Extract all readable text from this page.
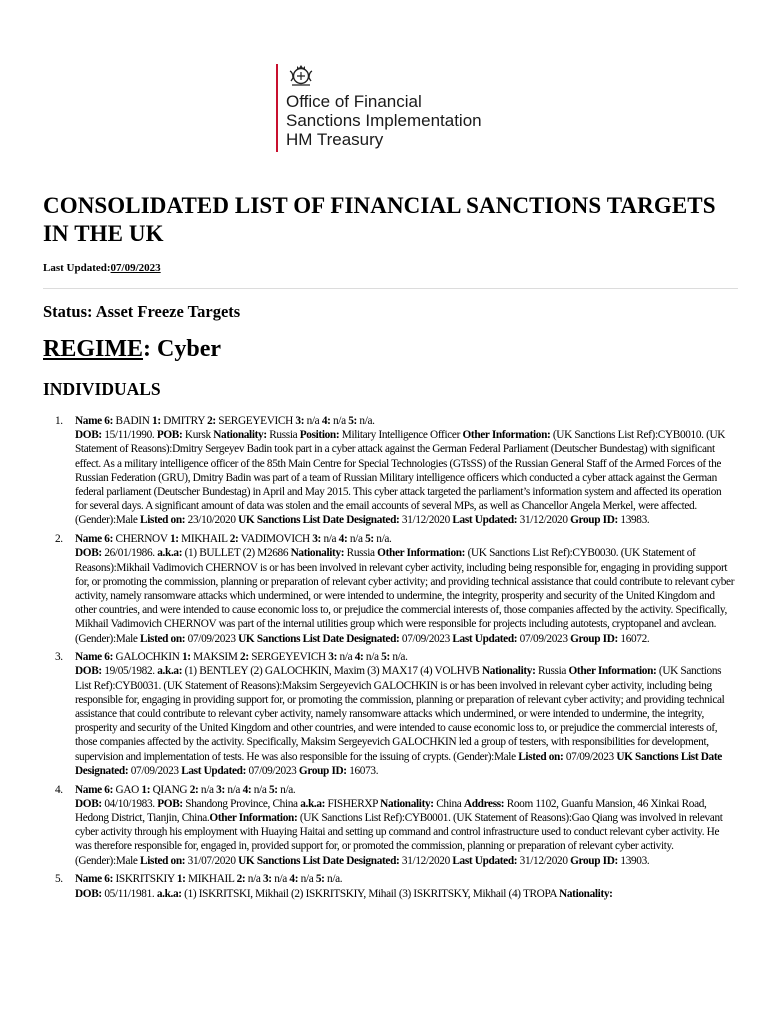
Office of Financial
Sanctions Implementation
HM Treasury
CONSOLIDATED LIST OF FINANCIAL SANCTIONS TARGETS IN THE UK
Last Updated:07/09/2023
Status: Asset Freeze Targets
REGIME: Cyber
INDIVIDUALS
1. Name 6: BADIN 1: DMITRY 2: SERGEYEVICH 3: n/a 4: n/a 5: n/a.
DOB: 15/11/1990. POB: Kursk Nationality: Russia Position: Military Intelligence Officer Other Information: (UK Sanctions List Ref):CYB0010. (UK Statement of Reasons):Dmitry Sergeyev Badin took part in a cyber attack against the German Federal Parliament (Deutscher Bundestag) with significant effect. As a military intelligence officer of the 85th Main Centre for Special Technologies (GTsSS) of the Russian General Staff of the Armed Forces of the Russian Federation (GRU), Dmitry Badin was part of a team of Russian Military intelligence officers which conducted a cyber attack against the German federal parliament (Deutscher Bundestag) in April and May 2015. This cyber attack targeted the parliament’s information system and affected its operation for several days. A significant amount of data was stolen and the email accounts of several MPs, as well as Chancellor Angela Merkel, were affected. (Gender):Male Listed on: 23/10/2020 UK Sanctions List Date Designated: 31/12/2020 Last Updated: 31/12/2020 Group ID: 13983.
2. Name 6: CHERNOV 1: MIKHAIL 2: VADIMOVICH 3: n/a 4: n/a 5: n/a.
DOB: 26/01/1986. a.k.a: (1) BULLET (2) M2686 Nationality: Russia Other Information: (UK Sanctions List Ref):CYB0030. (UK Statement of Reasons):Mikhail Vadimovich CHERNOV is or has been involved in relevant cyber activity, including being responsible for, engaging in providing support for, or promoting the commission, planning or preparation of relevant cyber activity; and providing technical assistance that could contribute to relevant cyber activity, namely ransomware attacks which undermined, or were intended to undermine, the integrity, prosperity and security of the United Kingdom and other countries, and were intended to cause economic loss to, or prejudice the commercial interests of, those companies affected by the activity. Specifically, Mikhail Vadimovich CHERNOV was part of the internal utilities group which were responsible for projects including autotests, cryptopanel and avclean. (Gender):Male Listed on: 07/09/2023 UK Sanctions List Date Designated: 07/09/2023 Last Updated: 07/09/2023 Group ID: 16072.
3. Name 6: GALOCHKIN 1: MAKSIM 2: SERGEYEVICH 3: n/a 4: n/a 5: n/a.
DOB: 19/05/1982. a.k.a: (1) BENTLEY (2) GALOCHKIN, Maxim (3) MAX17 (4) VOLHVB Nationality: Russia Other Information: (UK Sanctions List Ref):CYB0031. (UK Statement of Reasons):Maksim Sergeyevich GALOCHKIN is or has been involved in relevant cyber activity, including being responsible for, engaging in providing support for, or promoting the commission, planning or preparation of relevant cyber activity; and providing technical assistance that could contribute to relevant cyber activity, namely ransomware attacks which undermined, or were intended to undermine, the integrity, prosperity and security of the United Kingdom and other countries, and were intended to cause economic loss to, or prejudice the commercial interests of, those companies affected by the activity. Specifically, Maksim Sergeyevich GALOCHKIN led a group of testers, with responsibilities for development, supervision and implementation of tests. He was also responsible for the issuing of crypts. (Gender):Male Listed on: 07/09/2023 UK Sanctions List Date Designated: 07/09/2023 Last Updated: 07/09/2023 Group ID: 16073.
4. Name 6: GAO 1: QIANG 2: n/a 3: n/a 4: n/a 5: n/a.
DOB: 04/10/1983. POB: Shandong Province, China a.k.a: FISHERXP Nationality: China Address: Room 1102, Guanfu Mansion, 46 Xinkai Road, Hedong District, Tianjin, China.Other Information: (UK Sanctions List Ref):CYB0001. (UK Statement of Reasons):Gao Qiang was involved in relevant cyber activity through his employment with Huaying Haitai and setting up command and control infrastructure used to conduct relevant cyber activity. He was therefore responsible for, engaged in, provided support for, or promoted the commission, planning or preparation of relevant cyber activity. (Gender):Male Listed on: 31/07/2020 UK Sanctions List Date Designated: 31/12/2020 Last Updated: 31/12/2020 Group ID: 13903.
5. Name 6: ISKRITSKIY 1: MIKHAIL 2: n/a 3: n/a 4: n/a 5: n/a.
DOB: 05/11/1981. a.k.a: (1) ISKRITSKI, Mikhail (2) ISKRITSKIY, Mihail (3) ISKRITSKY, Mikhail (4) TROPA Nationality:
